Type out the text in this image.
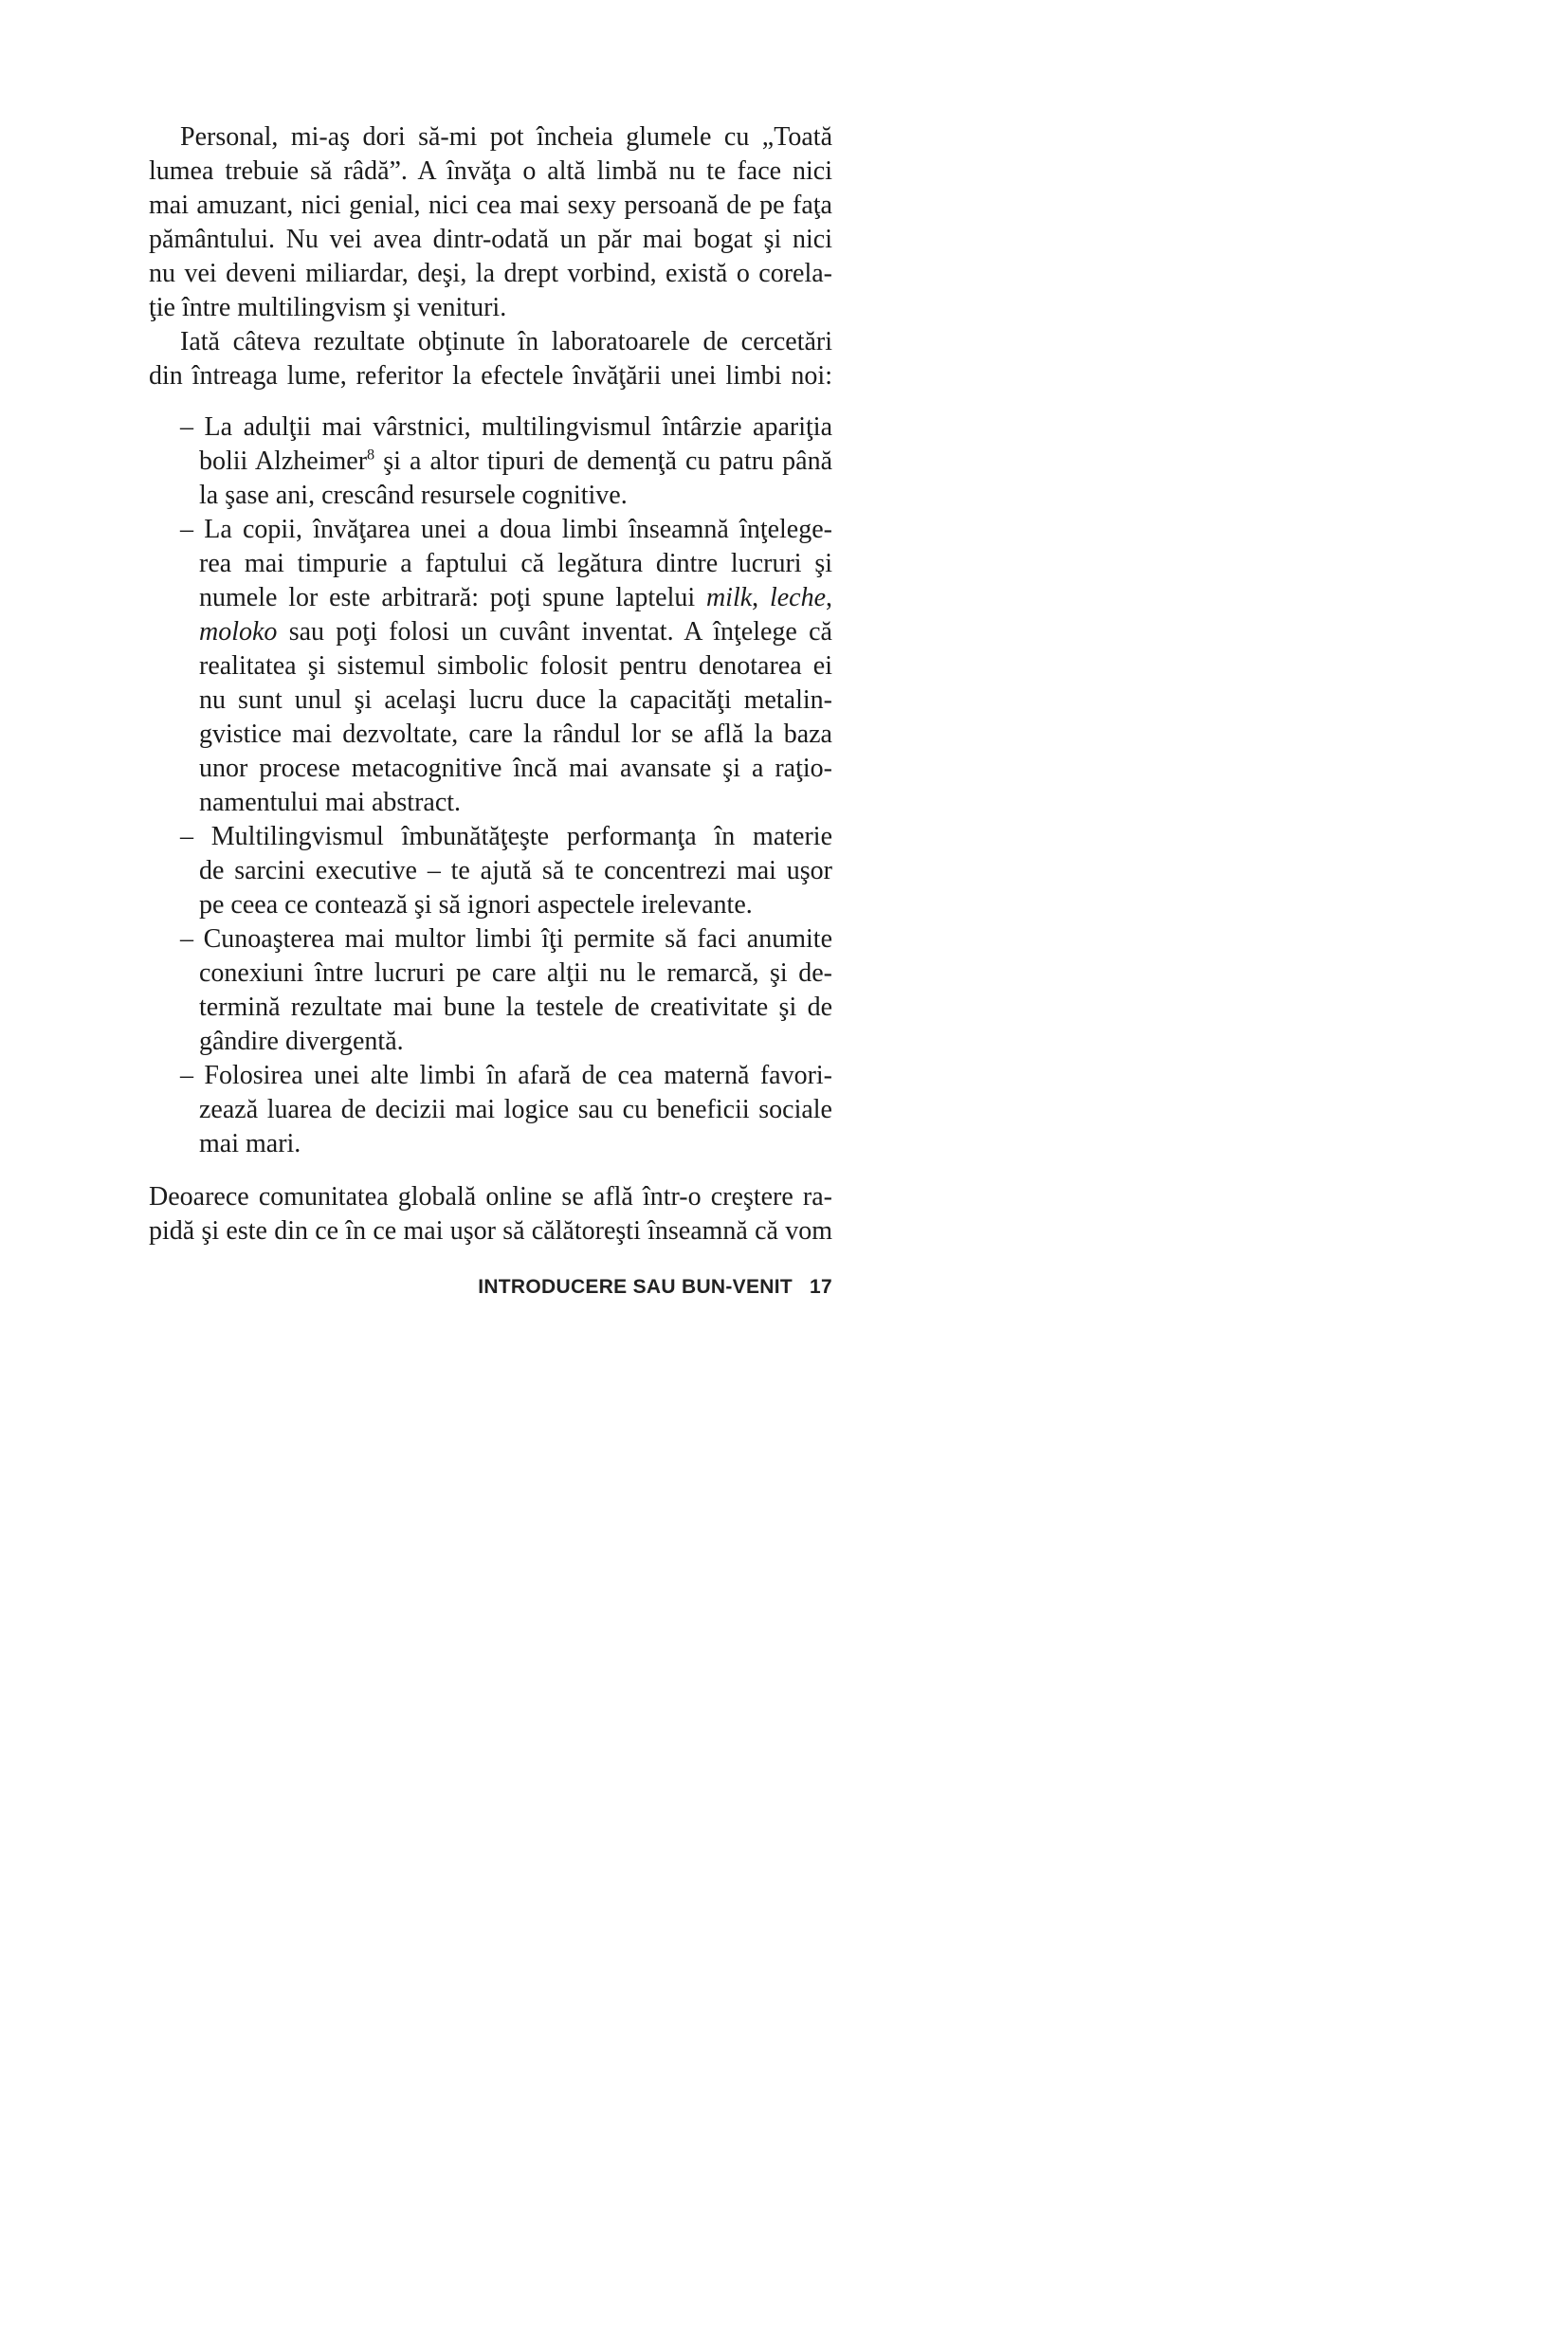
Personal, mi-aş dori să-mi pot încheia glumele cu „Toată
lumea trebuie să râdă”. A învăţa o altă limbă nu te face nici
mai amuzant, nici genial, nici cea mai sexy persoană de pe faţa
pământului. Nu vei avea dintr-odată un păr mai bogat şi nici
nu vei deveni miliardar, deşi, la drept vorbind, există o corela-
ţie între multilingvism şi venituri.
Iată câteva rezultate obţinute în laboratoarele de cercetări
din întreaga lume, referitor la efectele învăţării unei limbi noi:
– La adulţii mai vârstnici, multilingvismul întârzie apariţia
bolii Alzheimer$^8$ şi a altor tipuri de demenţă cu patru până
la şase ani, crescând resursele cognitive.
– La copii, învăţarea unei a doua limbi înseamnă înţelege-
rea mai timpurie a faptului că legătura dintre lucruri şi
numele lor este arbitrară: poţi spune laptelui milk, leche,
moloko sau poţi folosi un cuvânt inventat. A înţelege că
realitatea şi sistemul simbolic folosit pentru denotarea ei
nu sunt unul şi acelaşi lucru duce la capacităţi metalin-
gvistice mai dezvoltate, care la rândul lor se află la baza
unor procese metacognitive încă mai avansate şi a raţio-
namentului mai abstract.
– Multilingvismul îmbunătăţeşte performanţa în materie
de sarcini executive – te ajută să te concentrezi mai uşor
pe ceea ce contează şi să ignori aspectele irelevante.
– Cunoaşterea mai multor limbi îţi permite să faci anumite
conexiuni între lucruri pe care alţii nu le remarcă, şi de-
termină rezultate mai bune la testele de creativitate şi de
gândire divergentă.
– Folosirea unei alte limbi în afară de cea maternă favori-
zează luarea de decizii mai logice sau cu beneficii sociale
mai mari.
Deoarece comunitatea globală online se află într-o creştere ra-
pidă şi este din ce în ce mai uşor să călătoreşti înseamnă că vom
INTRODUCERE SAU BUN-VENIT 17
